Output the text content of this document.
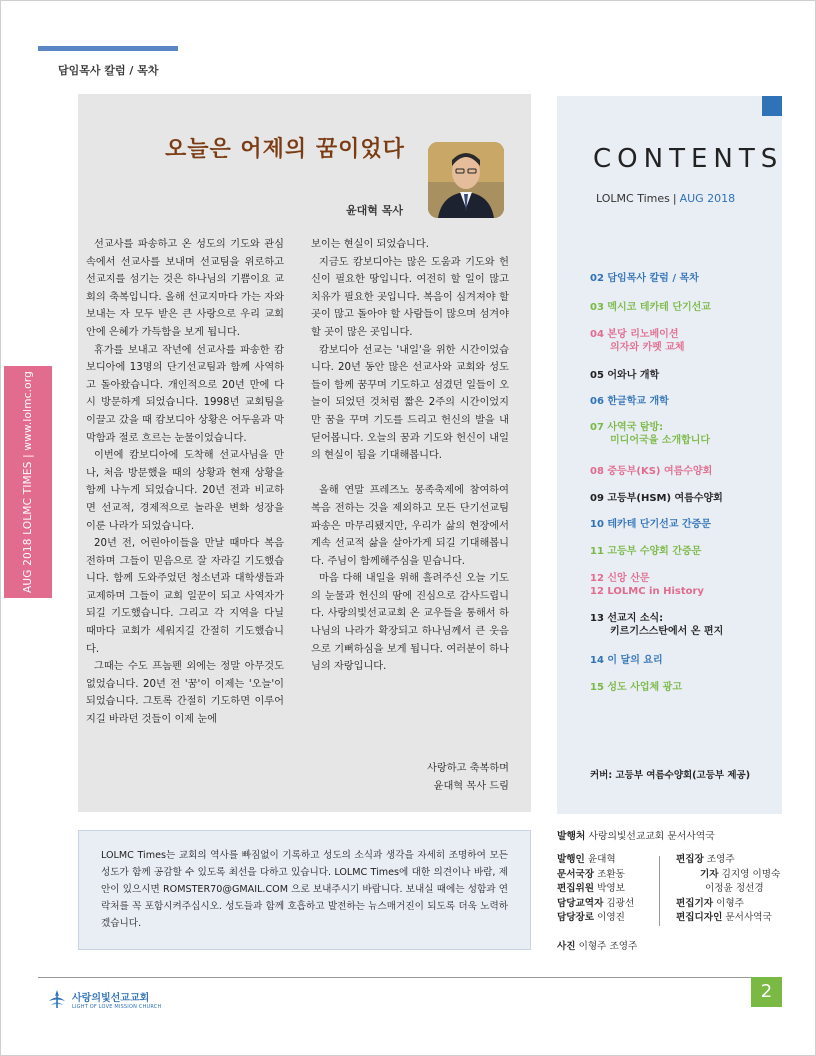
담임목사 칼럼 / 목차
AUG 2018 LOLMC TIMES | www.lolmc.org
오늘은 어제의 꿈이었다
윤대혁 목사

선교사를 파송하고 온 성도의 기도와 관심 속에서 선교사를 보내며 선교팀을 위로하고 선교지를 섬기는 것은 하나님의 기쁨이요 교회의 축복입니다. 올해 선교지마다 가는 자와 보내는 자 모두 받은 큰 사랑으로 우리 교회 안에 은혜가 가득함을 보게 됩니다.

휴가를 보내고 작년에 선교사를 파송한 캄보디아에 13명의 단기선교팀과 함께 사역하고 돌아왔습니다. 개인적으로 20년 만에 다시 방문하게 되었습니다. 1998년 교회팀을 이끌고 갔을 때 캄보디아 상황은 어두움과 막막함과 절로 흐르는 눈물이었습니다.

이번에 캄보디아에 도착해 선교사님을 만나, 처음 방문했을 때의 상황과 현재 상황을 함께 나누게 되었습니다. 20년 전과 비교하면 선교적, 경제적으로 놀라운 변화 성장을 이룬 나라가 되었습니다.

20년 전, 어린아이들을 만날 때마다 복음 전하며 그들이 믿음으로 잘 자라길 기도했습니다. 함께 도와주었던 청소년과 대학생들과 교제하며 그들이 교회 일꾼이 되고 사역자가 되길 기도했습니다. 그리고 각 지역을 다닐 때마다 교회가 세워지길 간절히 기도했습니다.

그때는 수도 프놈펜 외에는 정말 아무것도 없었습니다. 20년 전 '꿈'이 이제는 '오늘'이 되었습니다. 그토록 간절히 기도하면 이루어지길 바라던 것들이 이제 눈에

보이는 현실이 되었습니다.

지금도 캄보디아는 많은 도움과 기도와 헌신이 필요한 땅입니다. 여전히 할 일이 많고 치유가 필요한 곳입니다. 복음이 심겨져야 할 곳이 많고 돌아야 할 사람들이 많으며 섬겨야 할 곳이 많은 곳입니다.

캄보디아 선교는 '내일'을 위한 시간이었습니다. 20년 동안 많은 선교사와 교회와 성도들이 함께 꿈꾸며 기도하고 섬겼던 일들이 오늘이 되었던 것처럼 짧은 2주의 시간이었지만 꿈을 꾸며 기도를 드리고 헌신의 발을 내딛어봅니다. 오늘의 꿈과 기도와 헌신이 내일의 현실이 됨을 기대해봅니다.

올해 연말 프레즈노 몽족축제에 참여하여 복음 전하는 것을 제외하고 모든 단기선교팀 파송은 마무리됐지만, 우리가 삶의 현장에서 계속 선교적 삶을 살아가게 되길 기대해봅니다. 주님이 함께해주심을 믿습니다.

마음 다해 내일을 위해 흘려주신 오늘 기도의 눈물과 헌신의 땀에 진심으로 감사드립니다. 사랑의빛선교교회 온 교우들을 통해서 하나님의 나라가 확장되고 하나님께서 큰 웃음으로 기뻐하심을 보게 됩니다. 여러분이 하나님의 자랑입니다.

사랑하고 축복하며
윤대혁 목사 드림
CONTENTS
LOLMC Times | AUG 2018
02 담임목사 칼럼 / 목차
03 멕시코 테카테 단기선교
04 본당 리노베이션
의자와 카펫 교체
05 어와나 개학
06 한글학교 개학
07 사역국 탐방:
미디어국을 소개합니다
08 중등부(KS) 여름수양회
09 고등부(HSM) 여름수양회
10 테카테 단기선교 간증문
11 고등부 수양회 간증문
12 신앙 산문
12 LOLMC in History
13 선교지 소식:
키르기스스탄에서 온 편지
14 이 달의 요리
15 성도 사업체 광고
커버: 고등부 여름수양회(고등부 제공)
LOLMC Times는 교회의 역사를 빠짐없이 기록하고 성도의 소식과 생각을 자세히 조명하여 모든 성도가 함께 공감할 수 있도록 최선을 다하고 있습니다. LOLMC Times에 대한 의견이나 바람, 제안이 있으시면 ROMSTER70@GMAIL.COM 으로 보내주시기 바랍니다. 보내실 때에는 성함과 연락처를 꼭 포함시켜주십시오. 성도들과 함께 호흡하고 발전하는 뉴스매거진이 되도록 더욱 노력하겠습니다.
발행처 사랑의빛선교교회 문서사역국
발행인 윤대혁
문서국장 조환동
편집위원 박영보
담당교역자 김광선
담당장로 이영진
편집장 조영주
기자 김지영 이명숙
이정윤 정선경
편집기자 이형주
편집디자인 문서사역국
사진 이형주 조영주
사랑의빛선교교회
LIGHT OF LOVE MISSION CHURCH
2
